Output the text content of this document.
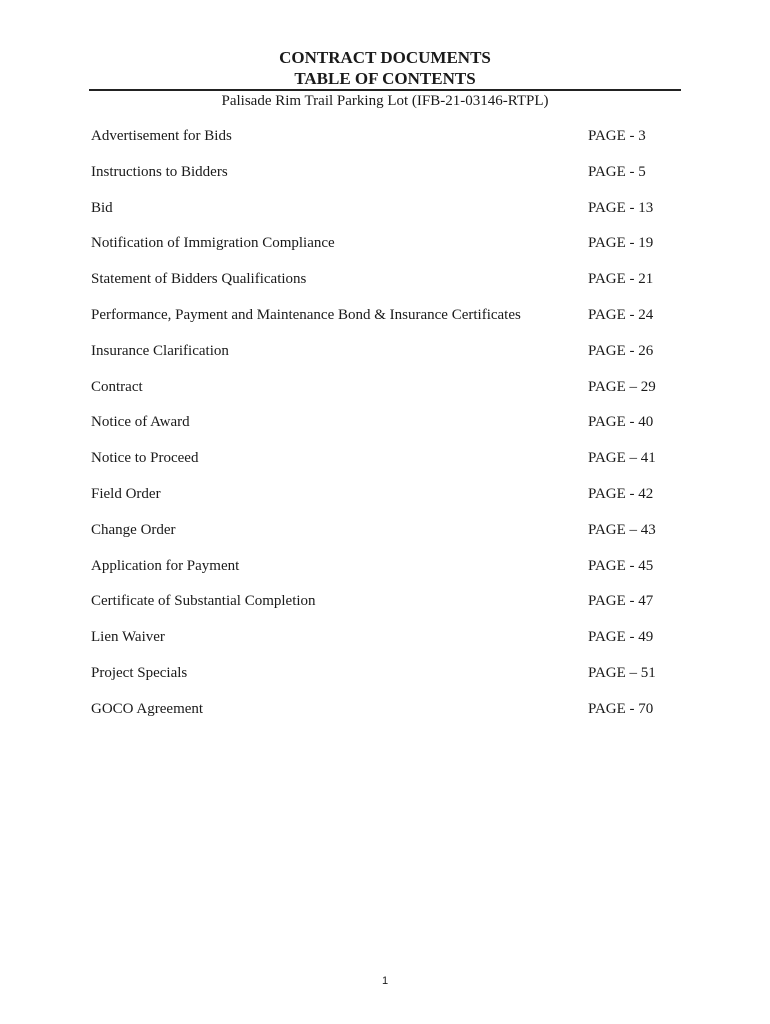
CONTRACT DOCUMENTS
TABLE OF CONTENTS
Palisade Rim Trail Parking Lot (IFB-21-03146-RTPL)
Advertisement for Bids	PAGE - 3
Instructions to Bidders	PAGE - 5
Bid	PAGE - 13
Notification of Immigration Compliance	PAGE - 19
Statement of Bidders Qualifications	PAGE - 21
Performance, Payment and Maintenance Bond & Insurance Certificates	PAGE - 24
Insurance Clarification	PAGE - 26
Contract	PAGE – 29
Notice of Award	PAGE - 40
Notice to Proceed	PAGE – 41
Field Order	PAGE - 42
Change Order	PAGE – 43
Application for Payment	PAGE - 45
Certificate of Substantial Completion	PAGE - 47
Lien Waiver	PAGE - 49
Project Specials	PAGE – 51
GOCO Agreement	PAGE - 70
1
